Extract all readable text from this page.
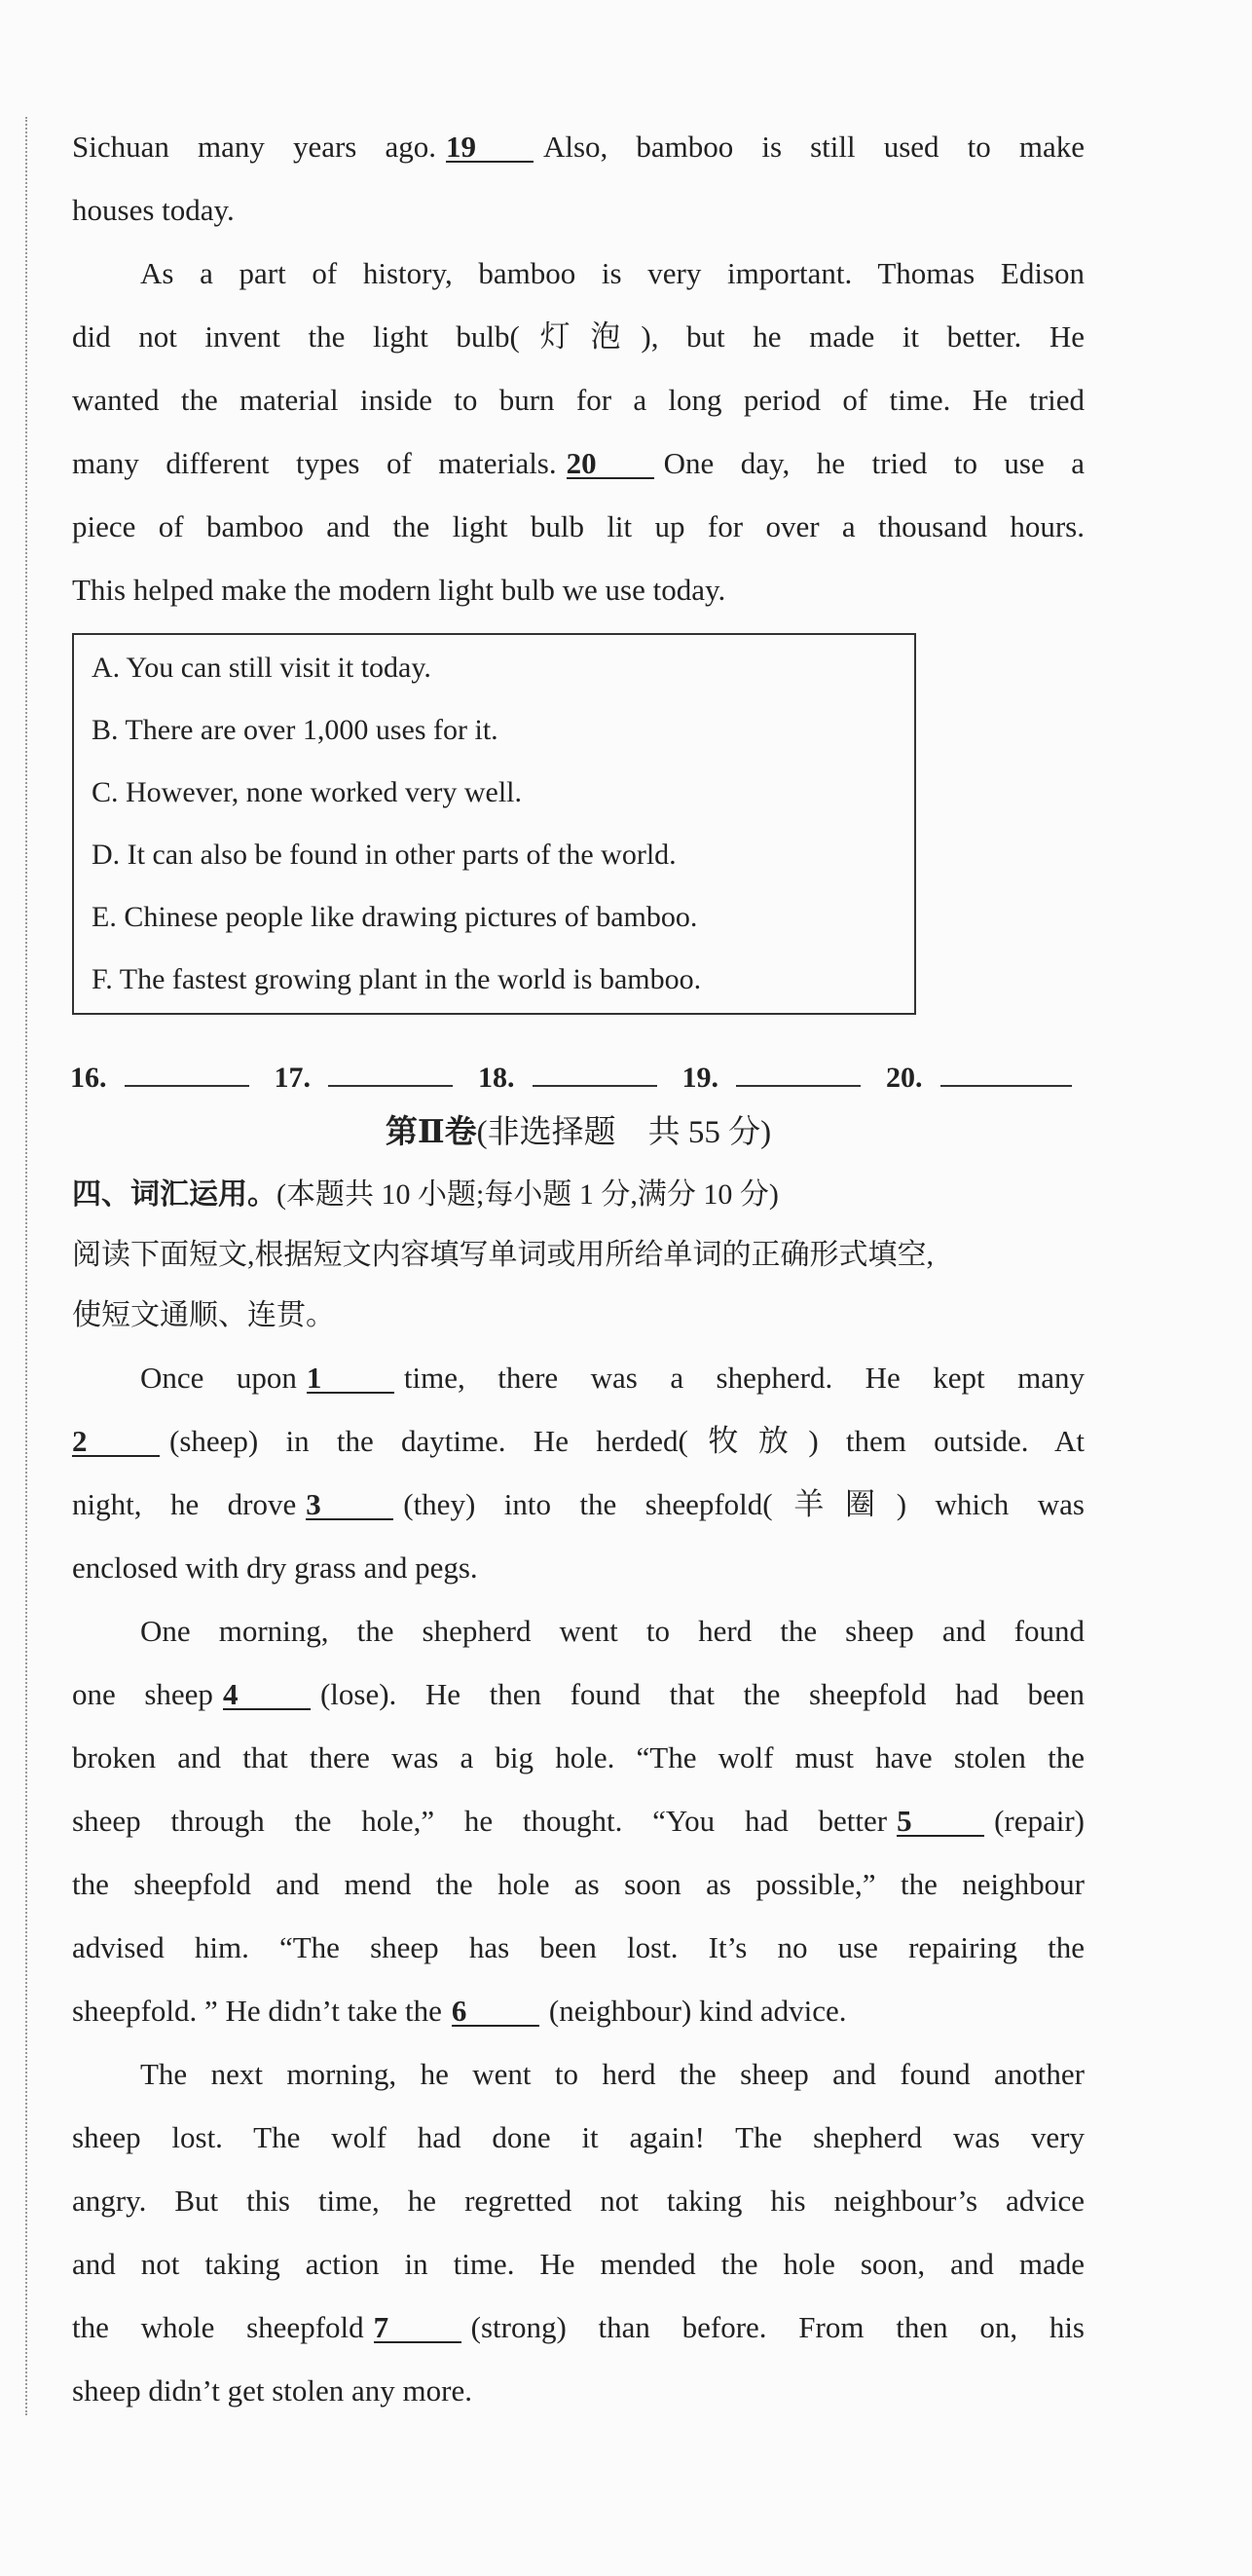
Sichuan many years ago. 19 Also, bamboo is still used to make

houses today.

As a part of history, bamboo is very important. Thomas Edison

did not invent the light bulb(灯泡), but he made it better. He

wanted the material inside to burn for a long period of time. He tried

many different types of materials. 20 One day, he tried to use a

piece of bamboo and the light bulb lit up for over a thousand hours.

This helped make the modern light bulb we use today.

A. You can still visit it today.
B. There are over 1,000 uses for it.
C. However, none worked very well.
D. It can also be found in other parts of the world.
E. Chinese people like drawing pictures of bamboo.
F. The fastest growing plant in the world is bamboo.
16.	17.	18.	19.	20.
第Ⅱ卷(非选择题　共 55 分)
四、词汇运用。(本题共 10 小题;每小题 1 分,满分 10 分)
阅读下面短文,根据短文内容填写单词或用所给单词的正确形式填空,
使短文通顺、连贯。

Once upon 1	time, there was a shepherd. He kept many

2	(sheep) in the daytime. He herded(牧放) them outside. At

night, he drove 3	(they) into the sheepfold(羊圈) which was

enclosed with dry grass and pegs.

One morning, the shepherd went to herd the sheep and found

one sheep 4	(lose). He then found that the sheepfold had been

broken and that there was a big hole. “The wolf must have stolen the

sheep through the hole,” he thought. “You had better 5	(repair)

the sheepfold and mend the hole as soon as possible,” the neighbour

advised him. “The sheep has been lost. It’s no use repairing the

sheepfold. ” He didn’t take the 6	(neighbour) kind advice.

The next morning, he went to herd the sheep and found another

sheep lost. The wolf had done it again! The shepherd was very

angry. But this time, he regretted not taking his neighbour’s advice

and not taking action in time. He mended the hole soon, and made

the whole sheepfold 7	(strong) than before. From then on, his

sheep didn’t get stolen any more.
